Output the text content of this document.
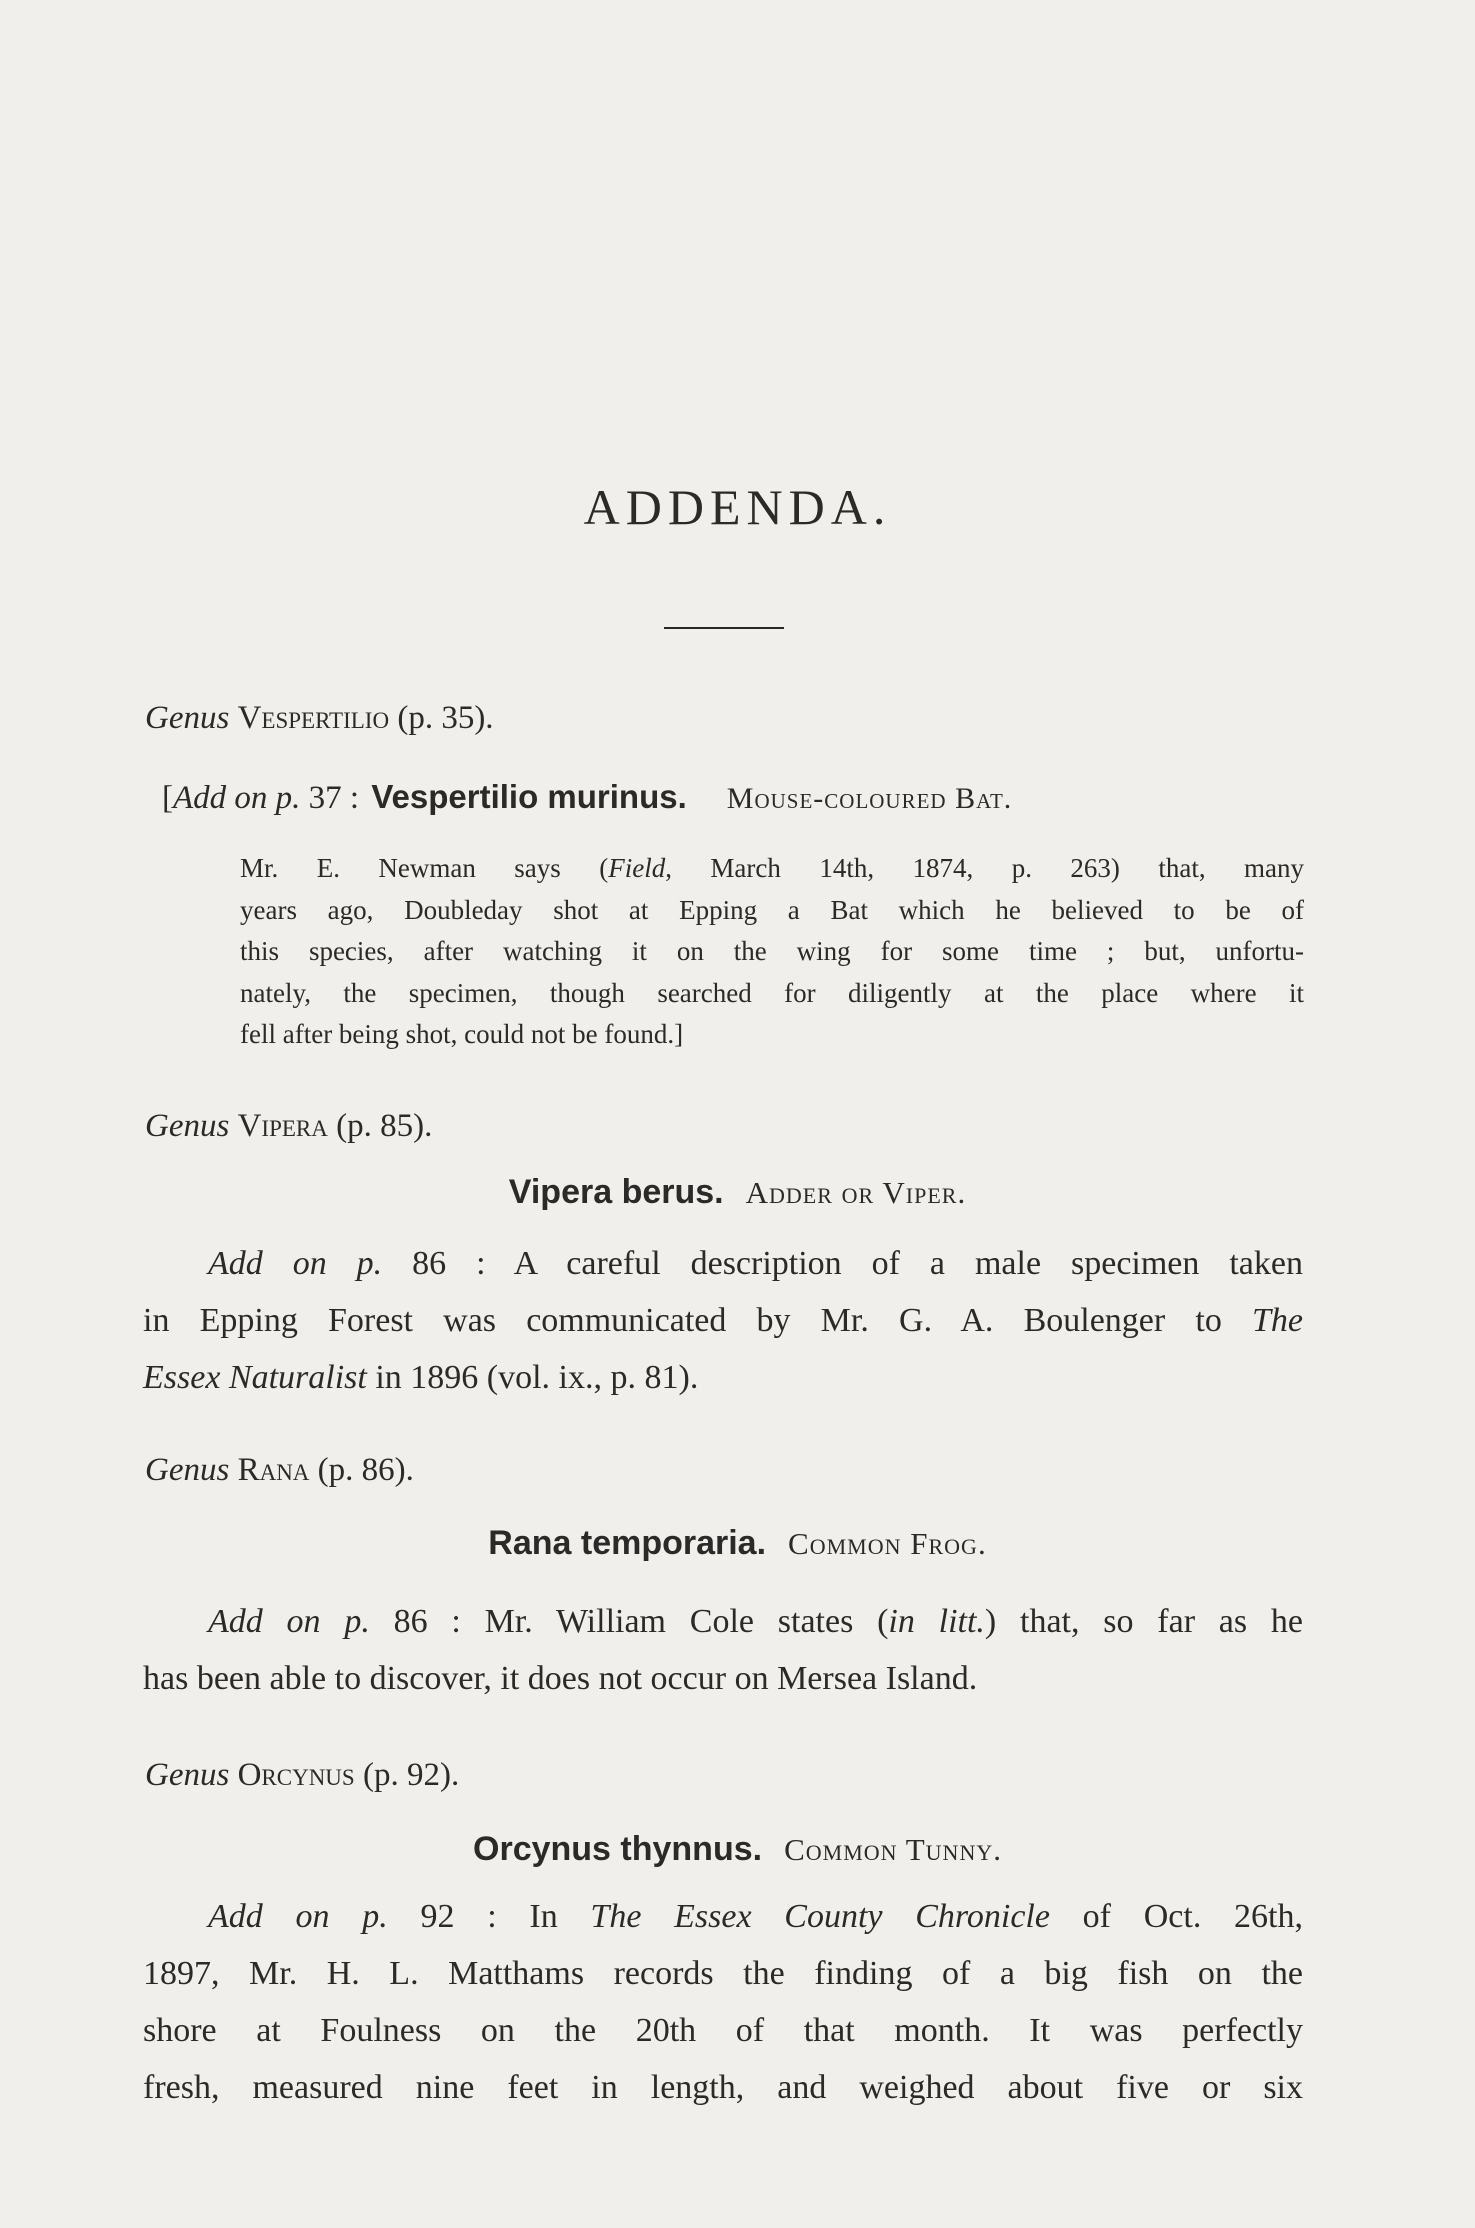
ADDENDA.
Genus Vespertilio (p. 35).
[Add on p. 37 : Vespertilio murinus. Mouse-coloured Bat.
Mr. E. Newman says (Field, March 14th, 1874, p. 263) that, many
years ago, Doubleday shot at Epping a Bat which he believed to be of
this species, after watching it on the wing for some time ; but, unfortu-
nately, the specimen, though searched for diligently at the place where it
fell after being shot, could not be found.]
Genus Vipera (p. 85).
Vipera berus. Adder or Viper.
Add on p. 86 : A careful description of a male specimen taken
in Epping Forest was communicated by Mr. G. A. Boulenger to The
Essex Naturalist in 1896 (vol. ix., p. 81).
Genus Rana (p. 86).
Rana temporaria. Common Frog.
Add on p. 86 : Mr. William Cole states (in litt.) that, so far as he
has been able to discover, it does not occur on Mersea Island.
Genus Orcynus (p. 92).
Orcynus thynnus. Common Tunny.
Add on p. 92 : In The Essex County Chronicle of Oct. 26th,
1897, Mr. H. L. Matthams records the finding of a big fish on the
shore at Foulness on the 20th of that month. It was perfectly
fresh, measured nine feet in length, and weighed about five or six
